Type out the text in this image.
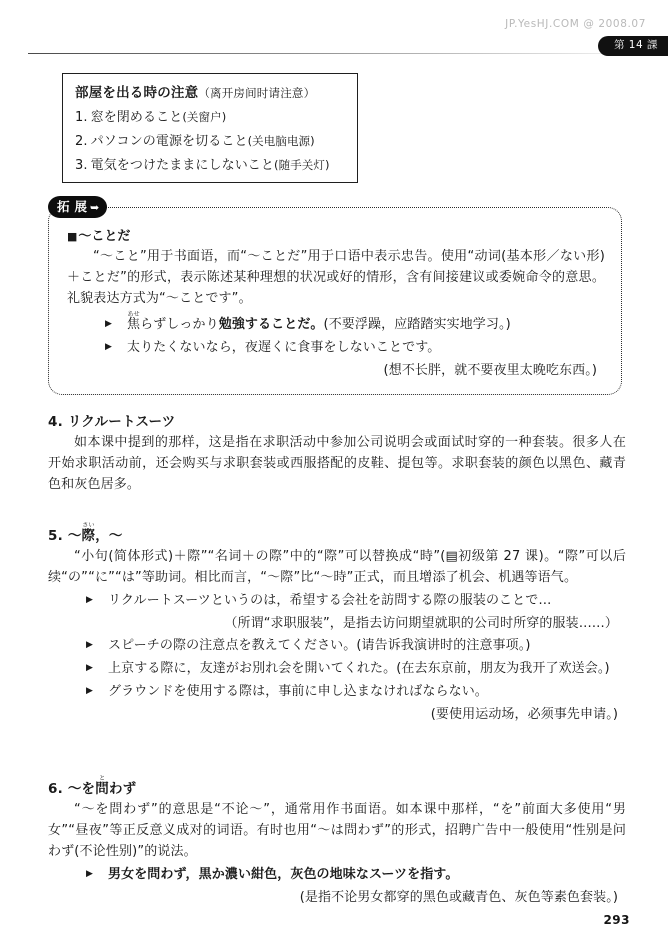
JP.YesHJ.COM @ 2008.07
第 14 課
部屋を出る時の注意（离开房间时请注意）
1. 窓を閉めること(关窗户)
2. パソコンの電源を切ること(关电脑电源)
3. 電気をつけたままにしないこと(随手关灯)
拓展
➥
■～ことだ
“～こと”用于书面语，而“～ことだ”用于口语中表示忠告。使用“动词(基本形／ない形)＋ことだ”的形式，表示陈述某种理想的状况或好的情形，含有间接建议或委婉命令的意思。礼貌表达方式为“～ことです”。
▶ 焦あせらずしっかり勉強することだ。(不要浮躁，应踏踏实实地学习。)
▶ 太りたくないなら，夜遅くに食事をしないことです。
(想不长胖，就不要夜里太晚吃东西。)
4. リクルートスーツ
如本课中提到的那样，这是指在求职活动中参加公司说明会或面试时穿的一种套装。很多人在开始求职活动前，还会购买与求职套装或西服搭配的皮鞋、提包等。求职套装的颜色以黑色、藏青色和灰色居多。
5. ～際さい，～
“小句(简体形式)＋際”“名词＋の際”中的“際”可以替换成“時”(▤初级第 27 课)。“際”可以后续“の”“に”“は”等助词。相比而言，“～際”比“～時”正式，而且增添了机会、机遇等语气。
▶ リクルートスーツというのは，希望する会社を訪問する際の服装のことで…
（所谓“求职服装”，是指去访问期望就职的公司时所穿的服装……）
▶ スピーチの際の注意点を教えてください。(请告诉我演讲时的注意事项。)
▶ 上京する際に，友達がお別れ会を開いてくれた。(在去东京前，朋友为我开了欢送会。)
▶ グラウンドを使用する際は，事前に申し込まなければならない。
(要使用运动场，必须事先申请。)
6. ～を問とわず
“～を問わず”的意思是“不论～”，通常用作书面语。如本课中那样，“を”前面大多使用“男女”“昼夜”等正反意义成对的词语。有时也用“～は問わず”的形式，招聘广告中一般使用“性别是问わず(不论性别)”的说法。
▶ 男女を問わず，黒か濃い紺色，灰色の地味なスーツを指す。
(是指不论男女都穿的黑色或藏青色、灰色等素色套装。)
293
